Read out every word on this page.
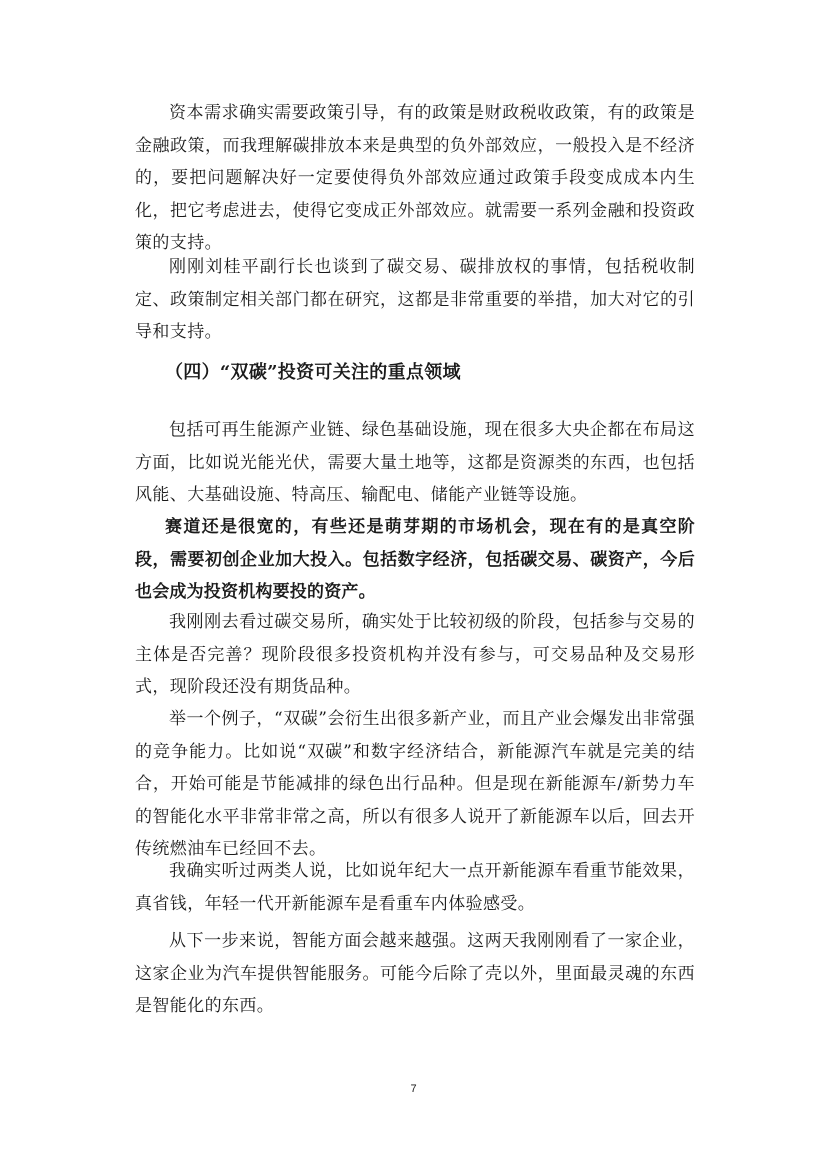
资本需求确实需要政策引导，有的政策是财政税收政策，有的政策是金融政策，而我理解碳排放本来是典型的负外部效应，一般投入是不经济的，要把问题解决好一定要使得负外部效应通过政策手段变成成本内生化，把它考虑进去，使得它变成正外部效应。就需要一系列金融和投资政策的支持。

刚刚刘桂平副行长也谈到了碳交易、碳排放权的事情，包括税收制定、政策制定相关部门都在研究，这都是非常重要的举措，加大对它的引导和支持。

（四）“双碳”投资可关注的重点领域

包括可再生能源产业链、绿色基础设施，现在很多大央企都在布局这方面，比如说光能光伏，需要大量土地等，这都是资源类的东西，也包括风能、大基础设施、特高压、输配电、储能产业链等设施。

赛道还是很宽的，有些还是萌芽期的市场机会，现在有的是真空阶段，需要初创企业加大投入。包括数字经济，包括碳交易、碳资产，今后也会成为投资机构要投的资产。

我刚刚去看过碳交易所，确实处于比较初级的阶段，包括参与交易的主体是否完善？现阶段很多投资机构并没有参与，可交易品种及交易形式，现阶段还没有期货品种。

举一个例子，“双碳”会衍生出很多新产业，而且产业会爆发出非常强的竞争能力。比如说“双碳”和数字经济结合，新能源汽车就是完美的结合，开始可能是节能减排的绿色出行品种。但是现在新能源车/新势力车的智能化水平非常非常之高，所以有很多人说开了新能源车以后，回去开传统燃油车已经回不去。

我确实听过两类人说，比如说年纪大一点开新能源车看重节能效果，真省钱，年轻一代开新能源车是看重车内体验感受。

从下一步来说，智能方面会越来越强。这两天我刚刚看了一家企业，这家企业为汽车提供智能服务。可能今后除了壳以外，里面最灵魂的东西是智能化的东西。

7
